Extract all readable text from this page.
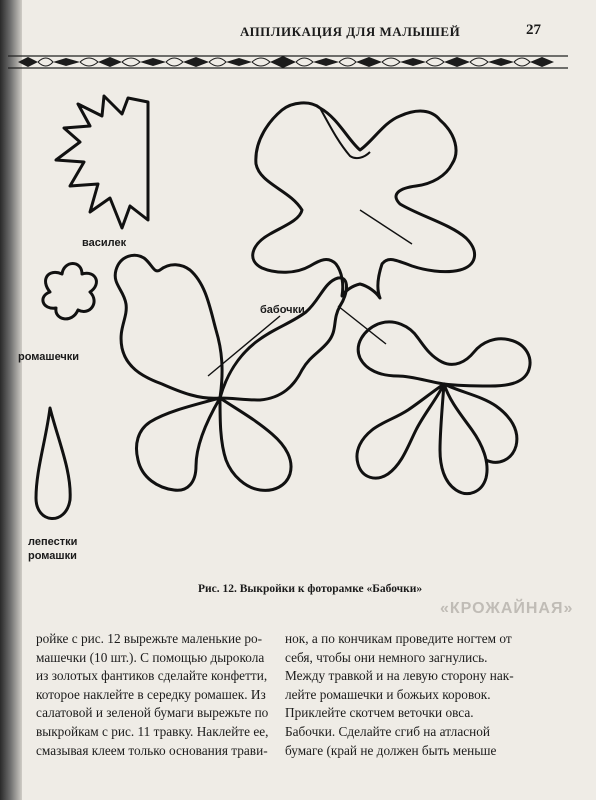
«КРОЖАЙНАЯ»
АППЛИКАЦИЯ ДЛЯ МАЛЫШЕЙ	27
василек
бабочки
ромашечки
лепестки
ромашки
Рис. 12. Выкройки к фоторамке «Бабочки»

ройке с рис. 12 вырежьте маленькие ро-

машечки (10 шт.). С помощью дырокола

из золотых фантиков сделайте конфетти,

которое наклейте в середку ромашек. Из

салатовой и зеленой бумаги вырежьте по

выкройкам с рис. 11 травку. Наклейте ее,

смазывая клеем только основания трави-

нок, а по кончикам проведите ногтем от

себя, чтобы они немного загнулись.

Между травкой и на левую сторону нак-

лейте ромашечки и божьих коровок.

Приклейте скотчем веточки овса.

Бабочки. Сделайте сгиб на атласной

бумаге (край не должен быть меньше
